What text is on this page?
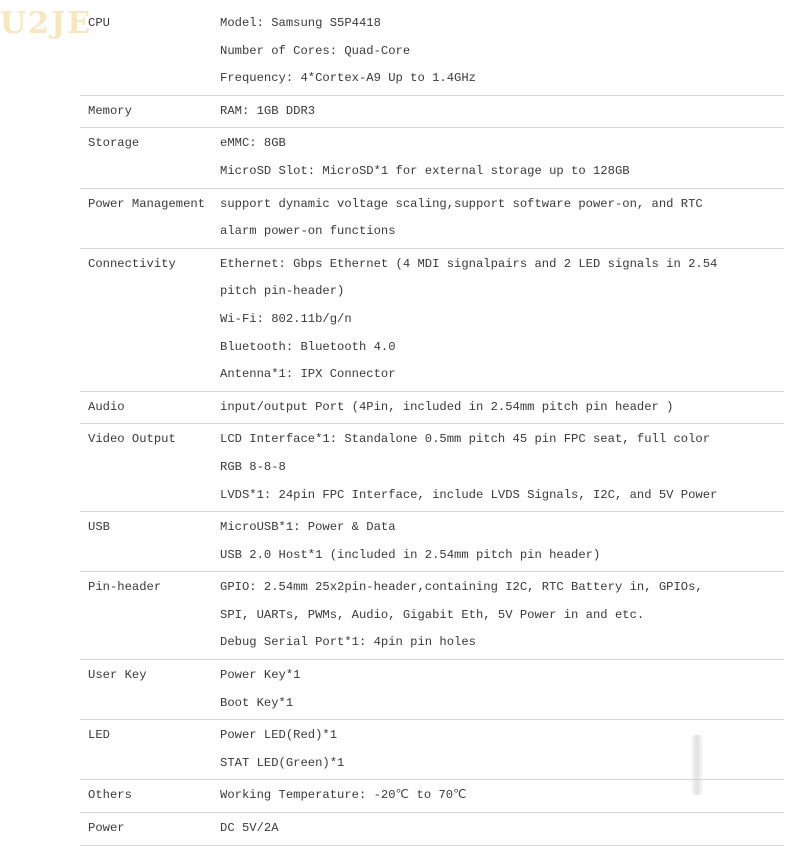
U2JE
CPU	Model: Samsung S5P4418
Number of Cores: Quad-Core
Frequency: 4*Cortex-A9 Up to 1.4GHz

Memory	RAM: 1GB DDR3

Storage	eMMC: 8GB
MicroSD Slot: MicroSD*1 for external storage up to 128GB

Power Management	support dynamic voltage scaling,support software power-on, and RTC
alarm power-on functions

Connectivity	Ethernet: Gbps Ethernet (4 MDI signalpairs and 2 LED signals in 2.54
pitch pin-header)
Wi-Fi: 802.11b/g/n
Bluetooth: Bluetooth 4.0
Antenna*1: IPX Connector

Audio	input/output Port (4Pin, included in 2.54mm pitch pin header )

Video Output	LCD Interface*1: Standalone 0.5mm pitch 45 pin FPC seat, full color
RGB 8-8-8
LVDS*1: 24pin FPC Interface, include LVDS Signals, I2C, and 5V Power

USB	MicroUSB*1: Power & Data
USB 2.0 Host*1 (included in 2.54mm pitch pin header)

Pin-header	GPIO: 2.54mm 25x2pin-header,containing I2C, RTC Battery in, GPIOs,
SPI, UARTs, PWMs, Audio, Gigabit Eth, 5V Power in and etc.
Debug Serial Port*1: 4pin pin holes

User Key	Power Key*1
Boot Key*1

LED	Power LED(Red)*1
STAT LED(Green)*1

Others	Working Temperature: -20℃ to 70℃

Power	DC 5V/2A
